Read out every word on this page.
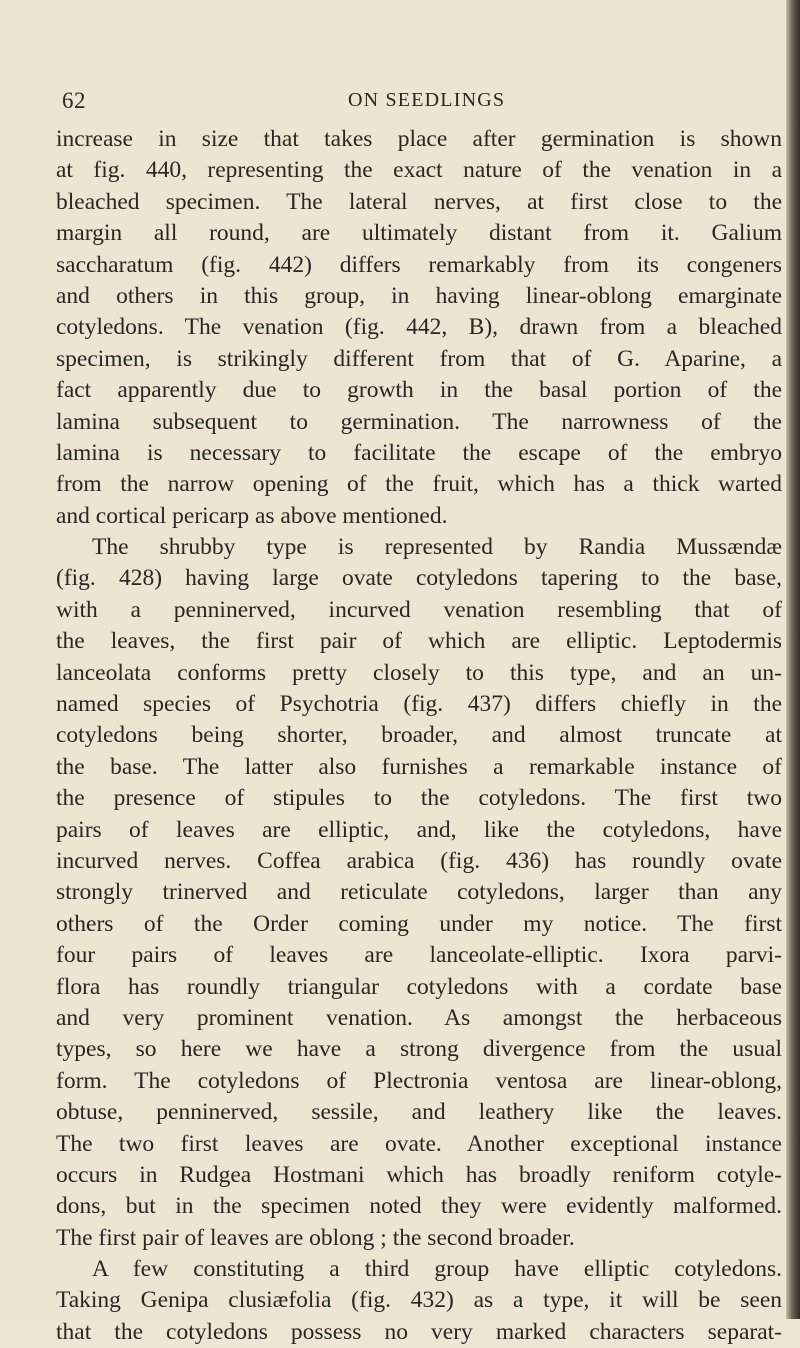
62	ON SEEDLINGS
increase in size that takes place after germination is shown
at fig. 440, representing the exact nature of the venation in a
bleached specimen. The lateral nerves, at first close to the
margin all round, are ultimately distant from it. Galium
saccharatum (fig. 442) differs remarkably from its congeners
and others in this group, in having linear-oblong emarginate
cotyledons. The venation (fig. 442, B), drawn from a bleached
specimen, is strikingly different from that of G. Aparine, a
fact apparently due to growth in the basal portion of the
lamina subsequent to germination. The narrowness of the
lamina is necessary to facilitate the escape of the embryo
from the narrow opening of the fruit, which has a thick warted
and cortical pericarp as above mentioned.
The shrubby type is represented by Randia Mussændæ
(fig. 428) having large ovate cotyledons tapering to the base,
with a penninerved, incurved venation resembling that of
the leaves, the first pair of which are elliptic. Leptodermis
lanceolata conforms pretty closely to this type, and an un-
named species of Psychotria (fig. 437) differs chiefly in the
cotyledons being shorter, broader, and almost truncate at
the base. The latter also furnishes a remarkable instance of
the presence of stipules to the cotyledons. The first two
pairs of leaves are elliptic, and, like the cotyledons, have
incurved nerves. Coffea arabica (fig. 436) has roundly ovate
strongly trinerved and reticulate cotyledons, larger than any
others of the Order coming under my notice. The first
four pairs of leaves are lanceolate-elliptic. Ixora parvi-
flora has roundly triangular cotyledons with a cordate base
and very prominent venation. As amongst the herbaceous
types, so here we have a strong divergence from the usual
form. The cotyledons of Plectronia ventosa are linear-oblong,
obtuse, penninerved, sessile, and leathery like the leaves.
The two first leaves are ovate. Another exceptional instance
occurs in Rudgea Hostmani which has broadly reniform cotyle-
dons, but in the specimen noted they were evidently malformed.
The first pair of leaves are oblong ; the second broader.
A few constituting a third group have elliptic cotyledons.
Taking Genipa clusiæfolia (fig. 432) as a type, it will be seen
that the cotyledons possess no very marked characters separat-
